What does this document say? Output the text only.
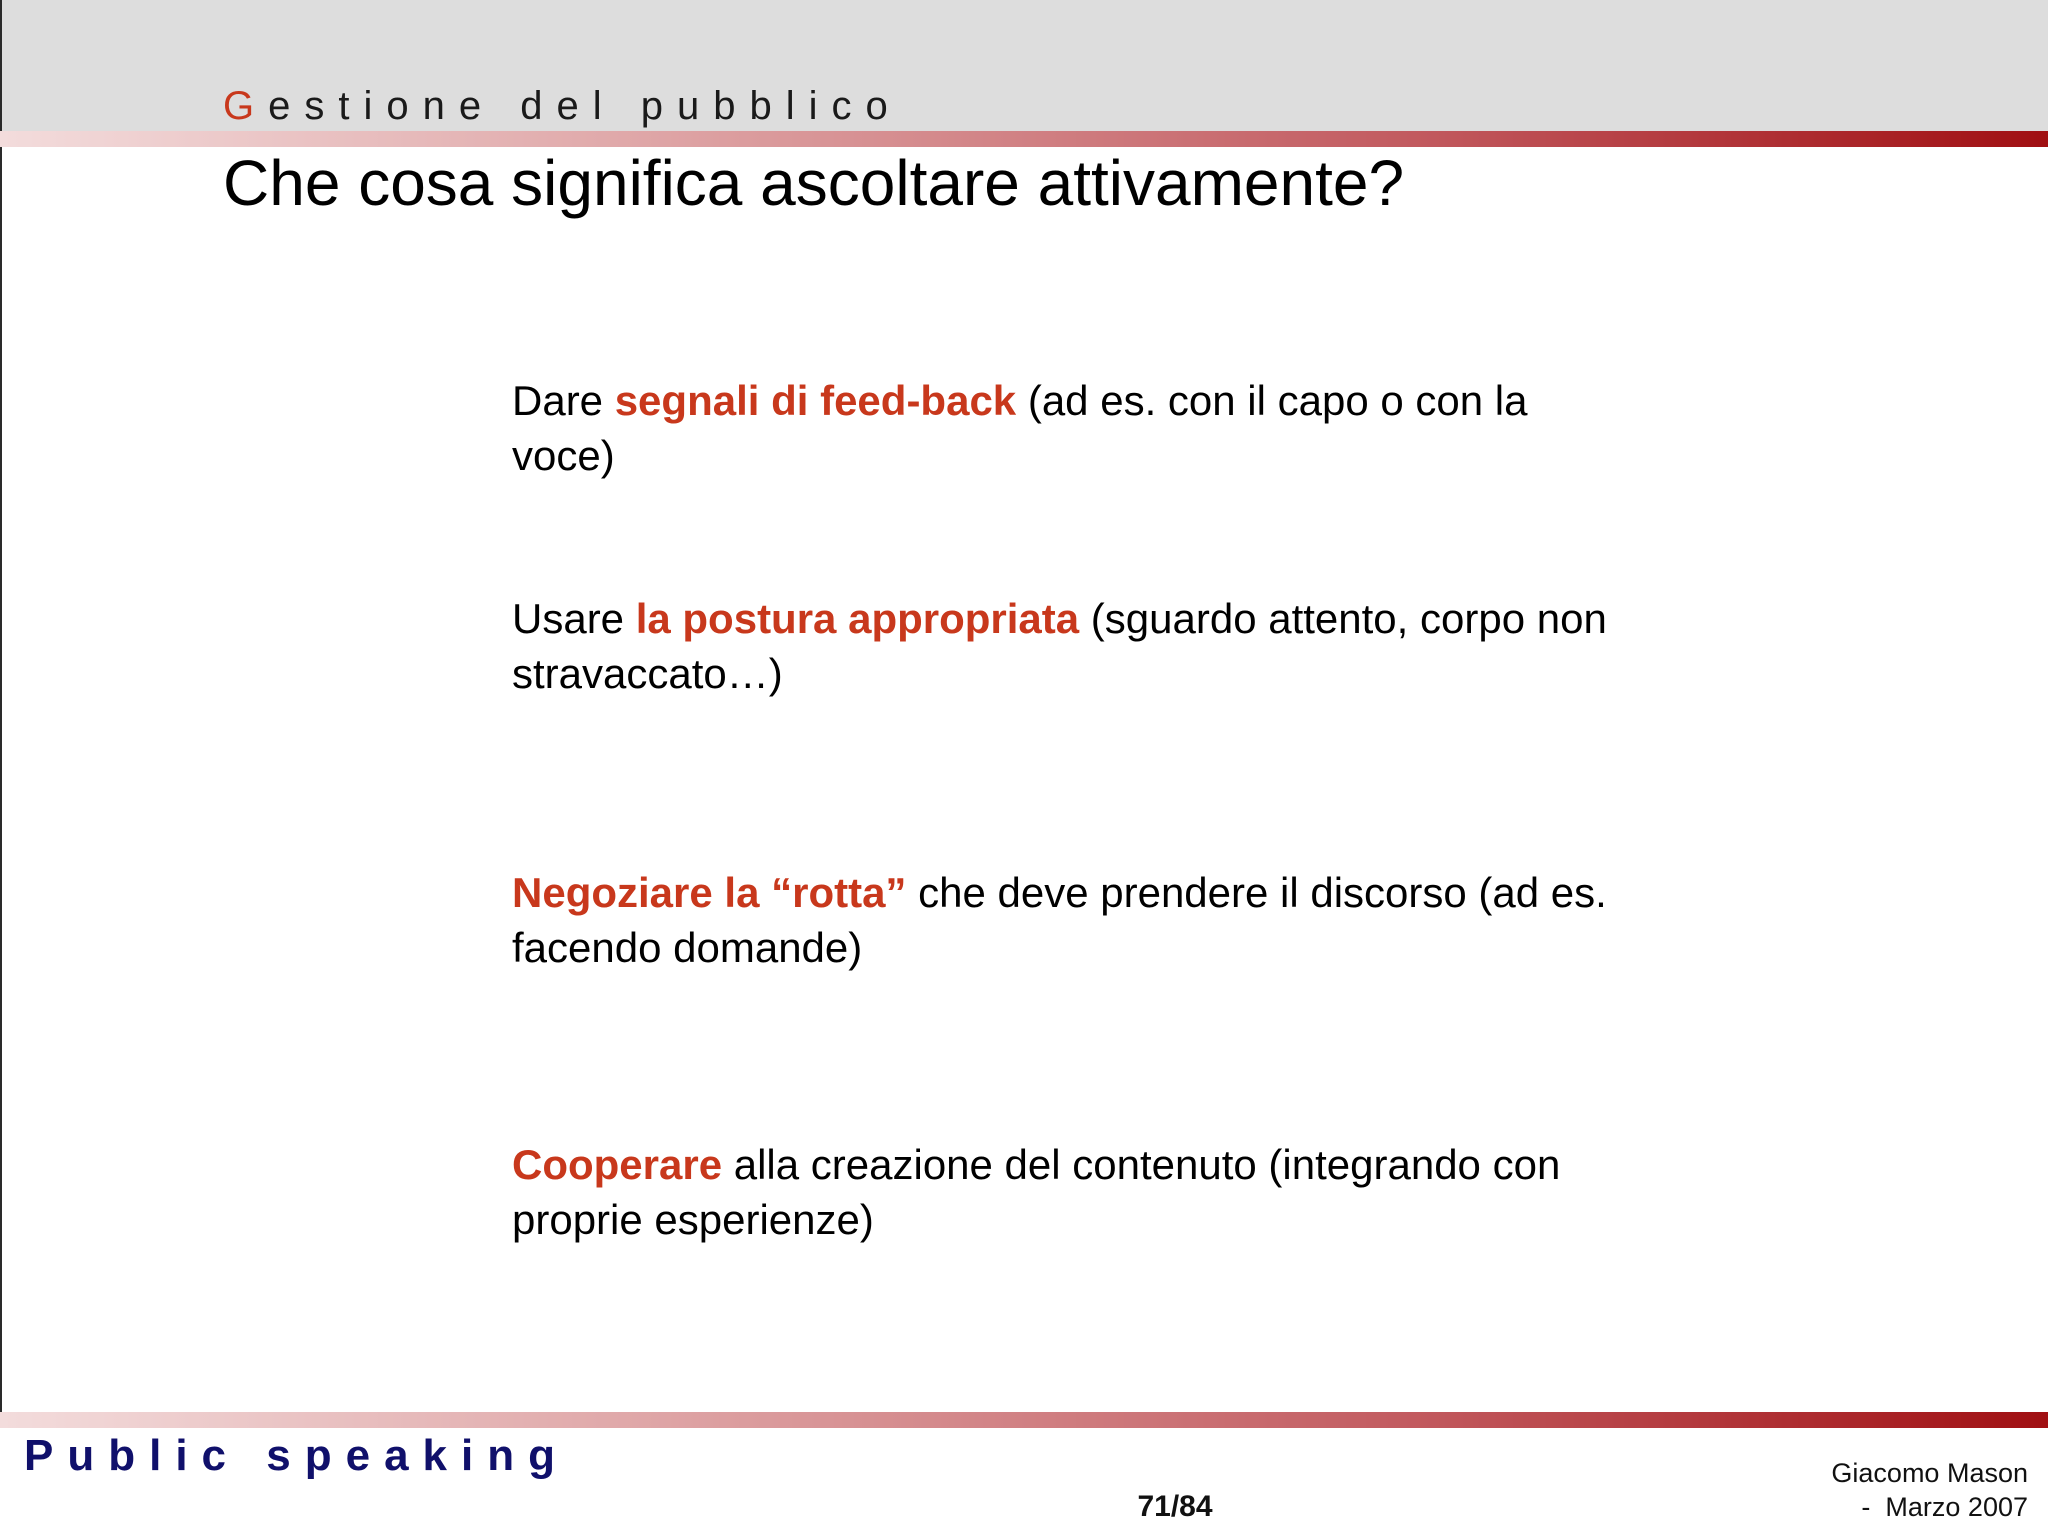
Gestione del pubblico
Che cosa significa ascoltare attivamente?
Dare segnali di feed-back (ad es. con il capo o con la voce)
Usare la postura appropriata (sguardo attento, corpo non stravaccato…)
Negoziare la “rotta” che deve prendere il discorso (ad es. facendo domande)
Cooperare alla creazione del contenuto (integrando con proprie esperienze)
Public speaking
71/84
Giacomo Mason
-  Marzo 2007
